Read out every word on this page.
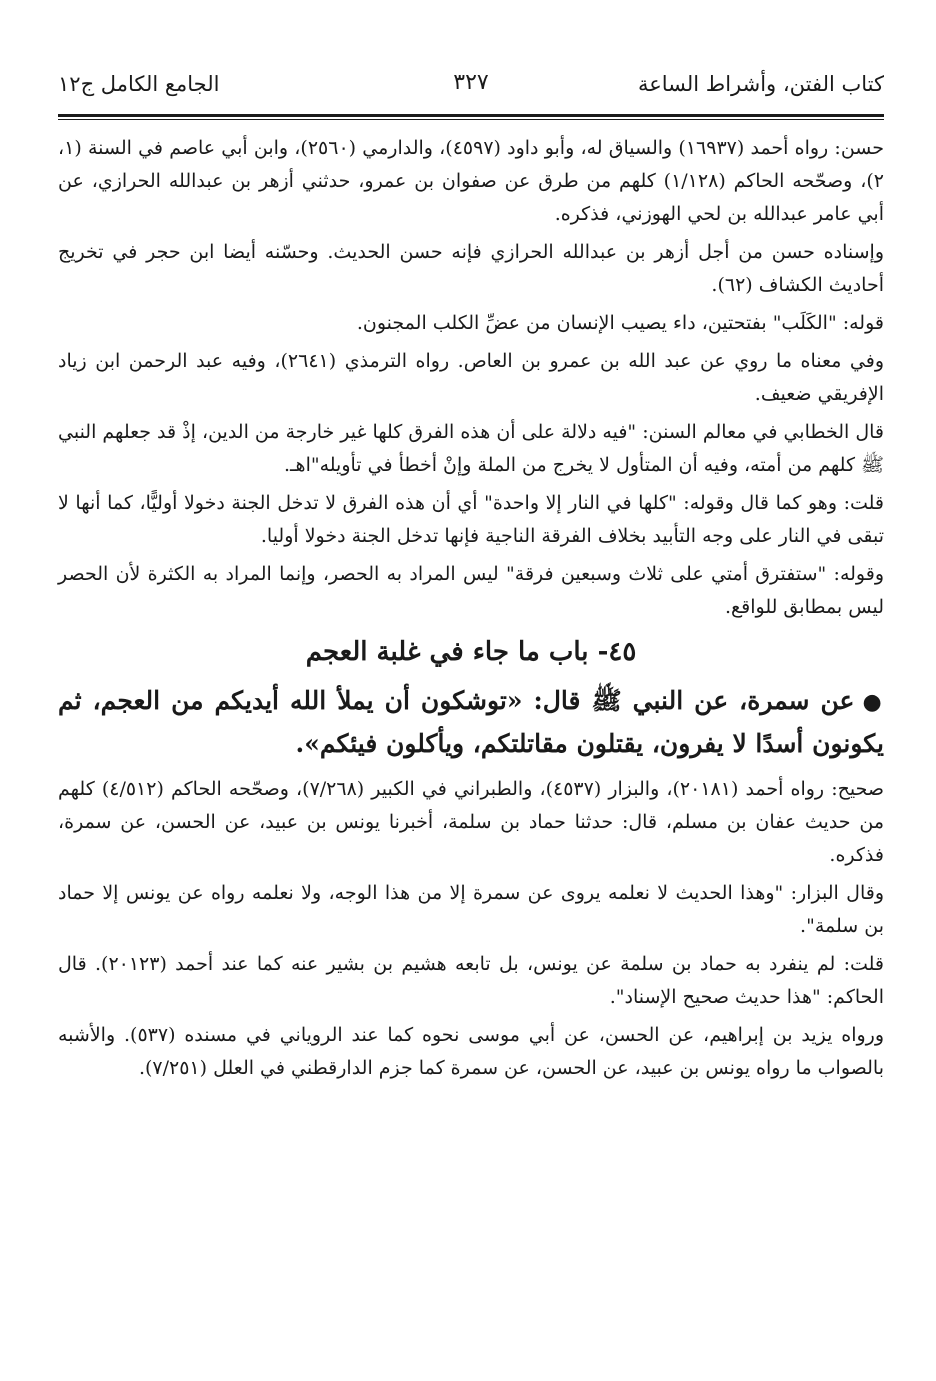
كتاب الفتن، وأشراط الساعة
٣٢٧
الجامع الكامل ج١٢

حسن: رواه أحمد (١٦٩٣٧) والسياق له، وأبو داود (٤٥٩٧)، والدارمي (٢٥٦٠)، وابن أبي عاصم في السنة (١، ٢)، وصحّحه الحاكم (١/١٢٨) كلهم من طرق عن صفوان بن عمرو، حدثني أزهر بن عبدالله الحرازي، عن أبي عامر عبدالله بن لحي الهوزني، فذكره.

وإسناده حسن من أجل أزهر بن عبدالله الحرازي فإنه حسن الحديث. وحسّنه أيضا ابن حجر في تخريج أحاديث الكشاف (٦٢).

قوله: "الكَلَب" بفتحتين، داء يصيب الإنسان من عضِّ الكلب المجنون.

وفي معناه ما روي عن عبد الله بن عمرو بن العاص. رواه الترمذي (٢٦٤١)، وفيه عبد الرحمن ابن زياد الإفريقي ضعيف.

قال الخطابي في معالم السنن: "فيه دلالة على أن هذه الفرق كلها غير خارجة من الدين، إذْ قد جعلهم النبي ﷺ كلهم من أمته، وفيه أن المتأول لا يخرج من الملة وإنْ أخطأ في تأويله"اهـ.

قلت: وهو كما قال وقوله: "كلها في النار إلا واحدة" أي أن هذه الفرق لا تدخل الجنة دخولا أوليًّا، كما أنها لا تبقى في النار على وجه التأبيد بخلاف الفرقة الناجية فإنها تدخل الجنة دخولا أوليا.

وقوله: "ستفترق أمتي على ثلاث وسبعين فرقة" ليس المراد به الحصر، وإنما المراد به الكثرة لأن الحصر ليس بمطابق للواقع.

٤٥- باب ما جاء في غلبة العجم

●عن سمرة، عن النبي ﷺ قال: «توشكون أن يملأ الله أيديكم من العجم، ثم يكونون أسدًا لا يفرون، يقتلون مقاتلتكم، ويأكلون فيئكم».

صحيح: رواه أحمد (٢٠١٨١)، والبزار (٤٥٣٧)، والطبراني في الكبير (٧/٢٦٨)، وصحّحه الحاكم (٤/٥١٢) كلهم من حديث عفان بن مسلم، قال: حدثنا حماد بن سلمة، أخبرنا يونس بن عبيد، عن الحسن، عن سمرة، فذكره.

وقال البزار: "وهذا الحديث لا نعلمه يروى عن سمرة إلا من هذا الوجه، ولا نعلمه رواه عن يونس إلا حماد بن سلمة".

قلت: لم ينفرد به حماد بن سلمة عن يونس، بل تابعه هشيم بن بشير عنه كما عند أحمد (٢٠١٢٣). قال الحاكم: "هذا حديث صحيح الإسناد".

ورواه يزيد بن إبراهيم، عن الحسن، عن أبي موسى نحوه كما عند الروياني في مسنده (٥٣٧). والأشبه بالصواب ما رواه يونس بن عبيد، عن الحسن، عن سمرة كما جزم الدارقطني في العلل (٧/٢٥١).
